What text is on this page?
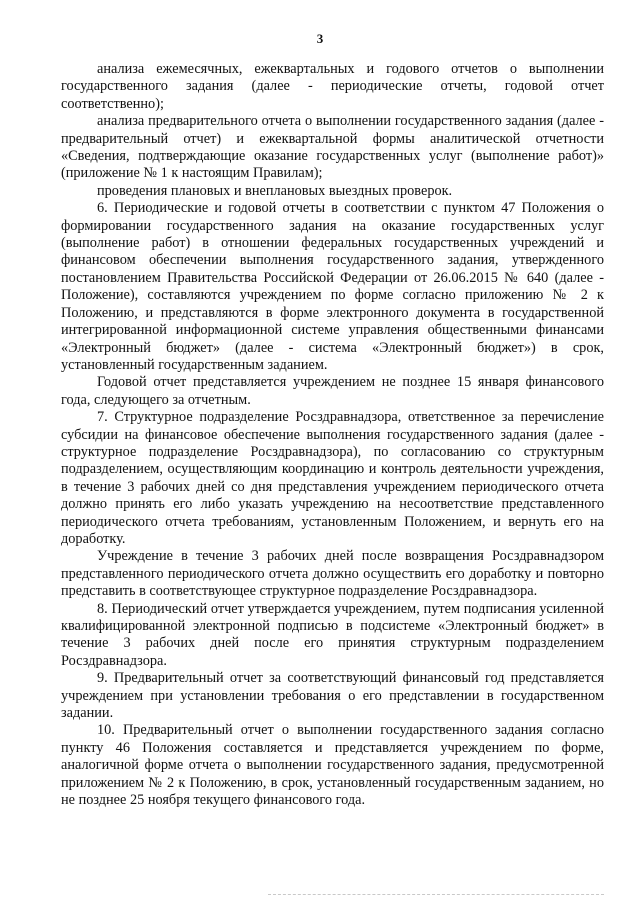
3

анализа ежемесячных, ежеквартальных и годового отчетов о выполнении государственного задания (далее - периодические отчеты, годовой отчет соответственно);

анализа предварительного отчета о выполнении государственного задания (далее - предварительный отчет) и ежеквартальной формы аналитической отчетности «Сведения, подтверждающие оказание государственных услуг (выполнение работ)» (приложение № 1 к настоящим Правилам);

проведения плановых и внеплановых выездных проверок.

6. Периодические и годовой отчеты в соответствии с пунктом 47 Положения о формировании государственного задания на оказание государственных услуг (выполнение работ) в отношении федеральных государственных учреждений и финансовом обеспечении выполнения государственного задания, утвержденного постановлением Правительства Российской Федерации от 26.06.2015 № 640 (далее - Положение), составляются учреждением по форме согласно приложению № 2 к Положению, и представляются в форме электронного документа в государственной интегрированной информационной системе управления общественными финансами «Электронный бюджет» (далее - система «Электронный бюджет») в срок, установленный государственным заданием.

Годовой отчет представляется учреждением не позднее 15 января финансового года, следующего за отчетным.

7. Структурное подразделение Росздравнадзора, ответственное за перечисление субсидии на финансовое обеспечение выполнения государственного задания (далее - структурное подразделение Росздравнадзора), по согласованию со структурным подразделением, осуществляющим координацию и контроль деятельности учреждения, в течение 3 рабочих дней со дня представления учреждением периодического отчета должно принять его либо указать учреждению на несоответствие представленного периодического отчета требованиям, установленным Положением, и вернуть его на доработку.

Учреждение в течение 3 рабочих дней после возвращения Росздравнадзором представленного периодического отчета должно осуществить его доработку и повторно представить в соответствующее структурное подразделение Росздравнадзора.

8. Периодический отчет утверждается учреждением, путем подписания усиленной квалифицированной электронной подписью в подсистеме «Электронный бюджет» в течение 3 рабочих дней после его принятия структурным подразделением Росздравнадзора.

9. Предварительный отчет за соответствующий финансовый год представляется учреждением при установлении требования о его представлении в государственном задании.

10. Предварительный отчет о выполнении государственного задания согласно пункту 46 Положения составляется и представляется учреждением по форме, аналогичной форме отчета о выполнении государственного задания, предусмотренной приложением № 2 к Положению, в срок, установленный государственным заданием, но не позднее 25 ноября текущего финансового года.
